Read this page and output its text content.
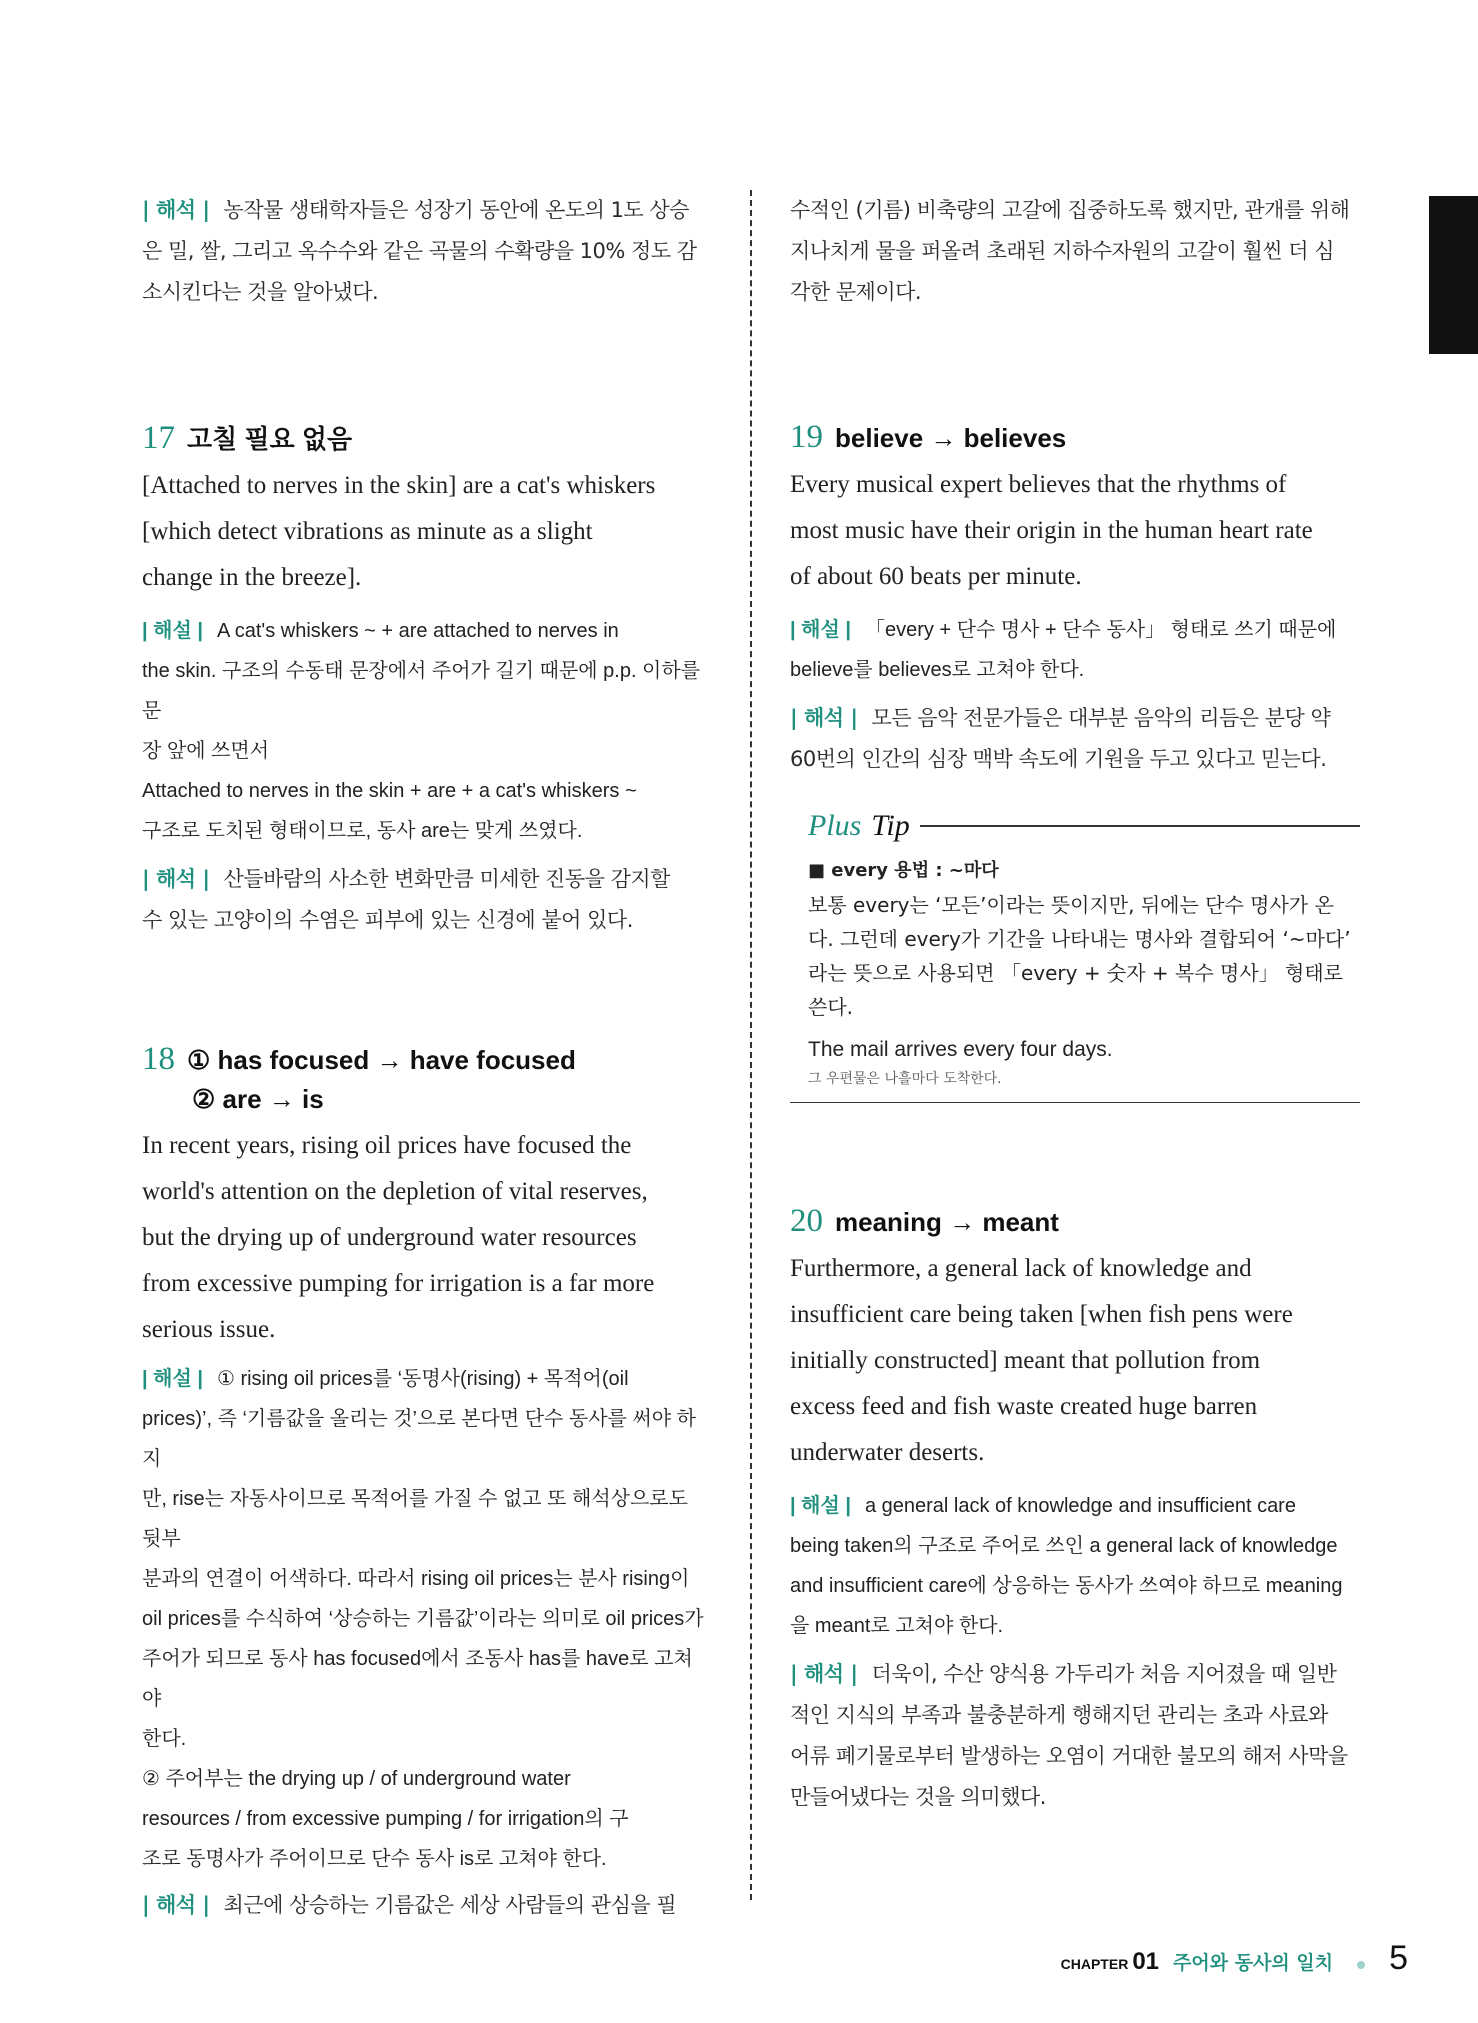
| 해석 | 농작물 생태학자들은 성장기 동안에 온도의 1도 상승

은 밀, 쌀, 그리고 옥수수와 같은 곡물의 수확량을 10% 정도 감

소시킨다는 것을 알아냈다.

17 고칠 필요 없음

[Attached to nerves in the skin] are a cat's whiskers

[which detect vibrations as minute as a slight

change in the breeze].

| 해설 | A cat's whiskers ~ + are attached to nerves in

the skin. 구조의 수동태 문장에서 주어가 길기 때문에 p.p. 이하를 문

장 앞에 쓰면서

Attached to nerves in the skin + are + a cat's whiskers ~

구조로 도치된 형태이므로, 동사 are는 맞게 쓰였다.

| 해석 | 산들바람의 사소한 변화만큼 미세한 진동을 감지할

수 있는 고양이의 수염은 피부에 있는 신경에 붙어 있다.

18 ① has focused → have focused
② are → is

In recent years, rising oil prices have focused the

world's attention on the depletion of vital reserves,

but the drying up of underground water resources

from excessive pumping for irrigation is a far more

serious issue.

| 해설 | ① rising oil prices를 ‘동명사(rising) + 목적어(oil

prices)’, 즉 ‘기름값을 올리는 것’으로 본다면 단수 동사를 써야 하지

만, rise는 자동사이므로 목적어를 가질 수 없고 또 해석상으로도 뒷부

분과의 연결이 어색하다. 따라서 rising oil prices는 분사 rising이

oil prices를 수식하여 ‘상승하는 기름값’이라는 의미로 oil prices가

주어가 되므로 동사 has focused에서 조동사 has를 have로 고쳐야

한다.

② 주어부는 the drying up / of underground water

resources / from excessive pumping / for irrigation의 구

조로 동명사가 주어이므로 단수 동사 is로 고쳐야 한다.

| 해석 | 최근에 상승하는 기름값은 세상 사람들의 관심을 필

수적인 (기름) 비축량의 고갈에 집중하도록 했지만, 관개를 위해

지나치게 물을 퍼올려 초래된 지하수자원의 고갈이 훨씬 더 심

각한 문제이다.

19 believe → believes

Every musical expert believes that the rhythms of

most music have their origin in the human heart rate

of about 60 beats per minute.

| 해설 | 「every + 단수 명사 + 단수 동사」 형태로 쓰기 때문에

believe를 believes로 고쳐야 한다.

| 해석 | 모든 음악 전문가들은 대부분 음악의 리듬은 분당 약

60번의 인간의 심장 맥박 속도에 기원을 두고 있다고 믿는다.

Plus Tip

■ every 용법 : ~마다

보통 every는 ‘모든’이라는 뜻이지만, 뒤에는 단수 명사가 온

다. 그런데 every가 기간을 나타내는 명사와 결합되어 ‘~마다’

라는 뜻으로 사용되면 「every + 숫자 + 복수 명사」 형태로 쓴다.

The mail arrives every four days.

그 우편물은 나흘마다 도착한다.

20 meaning → meant

Furthermore, a general lack of knowledge and

insufficient care being taken [when fish pens were

initially constructed] meant that pollution from

excess feed and fish waste created huge barren

underwater deserts.

| 해설 | a general lack of knowledge and insufficient care

being taken의 구조로 주어로 쓰인 a general lack of knowledge

and insufficient care에 상응하는 동사가 쓰여야 하므로 meaning

을 meant로 고쳐야 한다.

| 해석 | 더욱이, 수산 양식용 가두리가 처음 지어졌을 때 일반

적인 지식의 부족과 불충분하게 행해지던 관리는 초과 사료와

어류 폐기물로부터 발생하는 오염이 거대한 불모의 해저 사막을

만들어냈다는 것을 의미했다.

CHAPTER 01 주어와 동사의 일치 5
